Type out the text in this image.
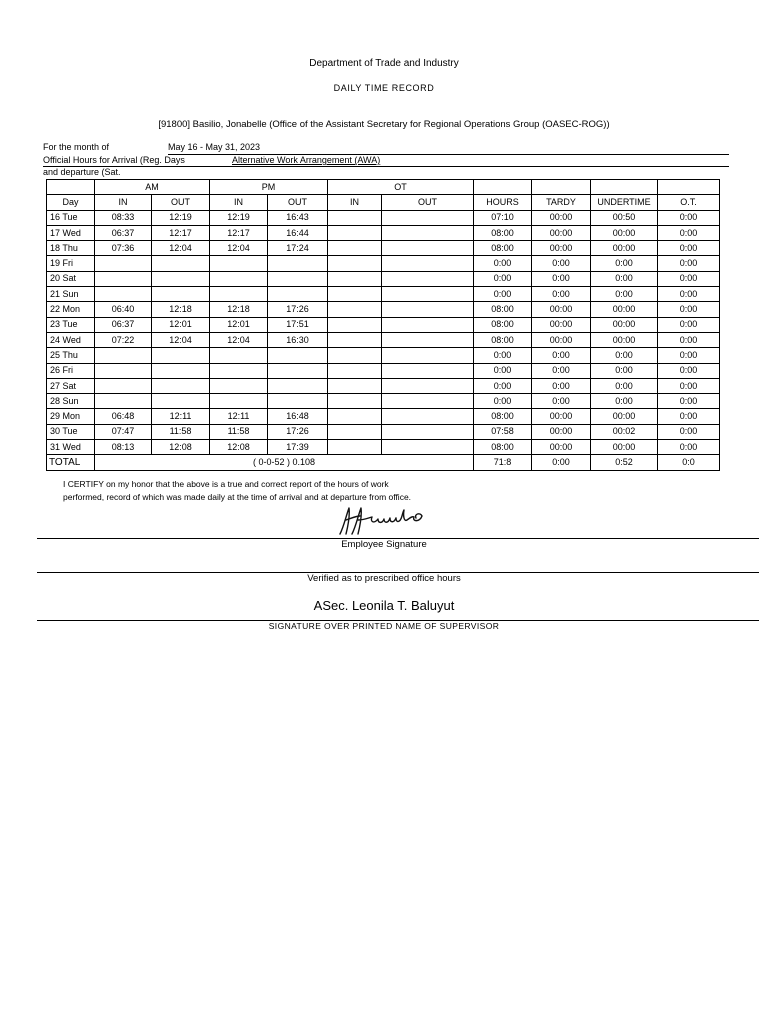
Department of Trade and Industry
DAILY TIME RECORD
[91800] Basilio, Jonabelle (Office of the Assistant Secretary for Regional Operations Group (OASEC-ROG))
For the month of	May 16 - May 31, 2023
Official Hours for Arrival (Reg. Days	Alternative Work Arrangement (AWA)
and departure (Sat.
	AM		PM		OT					
Day	IN	OUT	IN	OUT	IN	OUT	HOURS	TARDY	UNDERTIME	O.T.
16 Tue	08:33	12:19	12:19	16:43			07:10	00:00	00:50	0:00
17 Wed	06:37	12:17	12:17	16:44			08:00	00:00	00:00	0:00
18 Thu	07:36	12:04	12:04	17:24			08:00	00:00	00:00	0:00
19 Fri							0:00	0:00	0:00	0:00
20 Sat							0:00	0:00	0:00	0:00
21 Sun							0:00	0:00	0:00	0:00
22 Mon	06:40	12:18	12:18	17:26			08:00	00:00	00:00	0:00
23 Tue	06:37	12:01	12:01	17:51			08:00	00:00	00:00	0:00
24 Wed	07:22	12:04	12:04	16:30			08:00	00:00	00:00	0:00
25 Thu							0:00	0:00	0:00	0:00
26 Fri							0:00	0:00	0:00	0:00
27 Sat							0:00	0:00	0:00	0:00
28 Sun							0:00	0:00	0:00	0:00
29 Mon	06:48	12:11	12:11	16:48			08:00	00:00	00:00	0:00
30 Tue	07:47	11:58	11:58	17:26			07:58	00:00	00:02	0:00
31 Wed	08:13	12:08	12:08	17:39			08:00	00:00	00:00	0:00
TOTAL	( 0-0-52 ) 0.108						71:8	0:00	0:52	0:0
I CERTIFY on my honor that the above is a true and correct report of the hours of work
performed, record of which was made daily at the time of arrival and at departure from office.
Employee Signature
Verified as to prescribed office hours
ASec. Leonila T. Baluyut
SIGNATURE OVER PRINTED NAME OF SUPERVISOR
